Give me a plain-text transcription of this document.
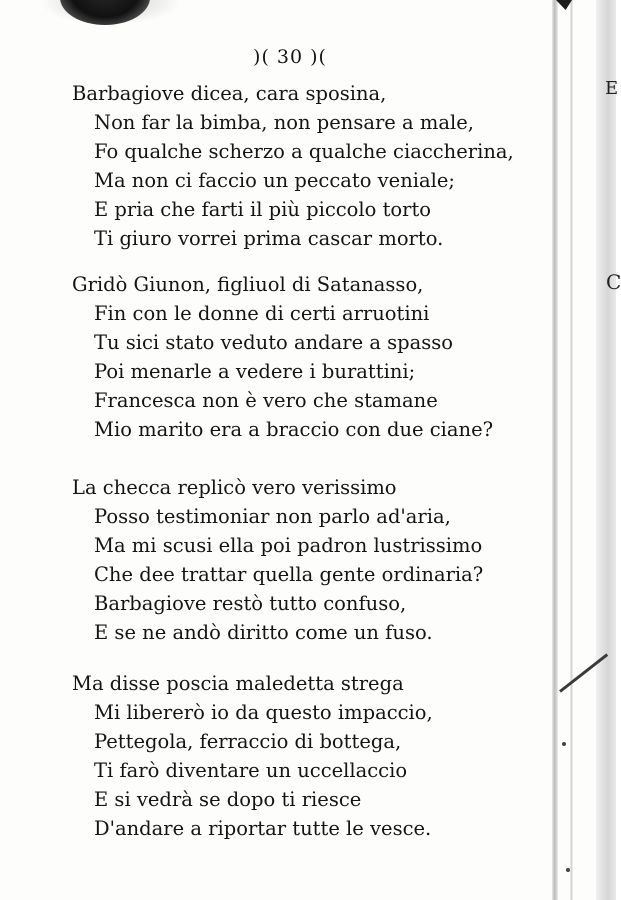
E
C
)( 30 )(
Barbagiove dicea, cara sposina,
Non far la bimba, non pensare a male,
Fo qualche scherzo a qualche ciaccherina,
Ma non ci faccio un peccato veniale;
E pria che farti il più piccolo torto
Ti giuro vorrei prima cascar morto.
Gridò Giunon, figliuol di Satanasso,
Fin con le donne di certi arruotini
Tu sici stato veduto andare a spasso
Poi menarle a vedere i burattini;
Francesca non è vero che stamane
Mio marito era a braccio con due ciane?
La checca replicò vero verissimo
Posso testimoniar non parlo ad'aria,
Ma mi scusi ella poi padron lustrissimo
Che dee trattar quella gente ordinaria?
Barbagiove restò tutto confuso,
E se ne andò diritto come un fuso.
Ma disse poscia maledetta strega
Mi libererò io da questo impaccio,
Pettegola, ferraccio di bottega,
Ti farò diventare un uccellaccio
E si vedrà se dopo ti riesce
D'andare a riportar tutte le vesce.
